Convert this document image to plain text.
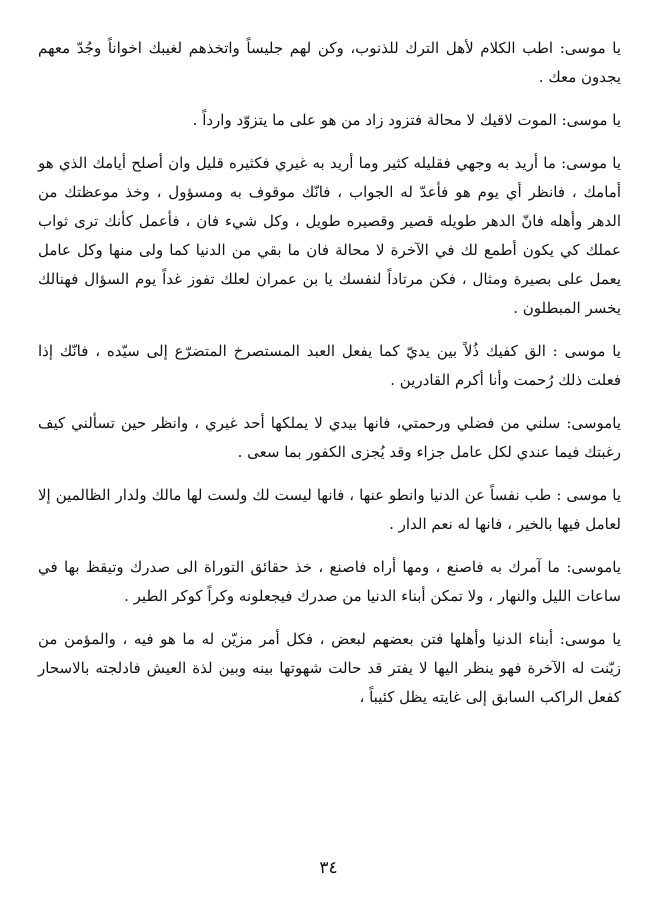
يا موسى: اطب الكلام لأهل الترك للذنوب، وكن لهم جليساً واتخذهم لغيبك اخواناً وجُدّ معهم يجدون معك .

يا موسى: الموت لاقيك لا محالة فتزود زاد من هو على ما يتزوّد وارداً .

يا موسى: ما أريد به وجهي فقليله كثير وما أريد به غيري فكثيره قليل وان أصلح أيامك الذي هو أمامك ، فانظر أي يوم هو فأعدّ له الجواب ، فانّك موقوف به ومسؤول ، وخذ موعظتك من الدهر وأهله فانّ الدهر طويله قصير وقصيره طويل ، وكل شيء فان ، فأعمل كأنك ترى ثواب عملك كي يكون أطمع لك في الآخرة لا محالة فان ما بقي من الدنيا كما ولى منها وكل عامل يعمل على بصيرة ومثال ، فكن مرتاداً لنفسك يا بن عمران لعلك تفوز غداً يوم السؤال فهنالك يخسر المبطلون .

يا موسى : الق كفيك ذُلاً بين يديّ كما يفعل العبد المستصرخ المتضرّع إلى سيّده ، فانّك إذا فعلت ذلك رُحمت وأنا أكرم القادرين .

ياموسى: سلني من فضلي ورحمتي، فانها بيدي لا يملكها أحد غيري ، وانظر حين تسألني كيف رغبتك فيما عندي لكل عامل جزاء وقد يُجزى الكفور بما سعى .

يا موسى : طب نفساً عن الدنيا وانطو عنها ، فانها ليست لك ولست لها مالك ولدار الظالمين إلا لعامل فيها بالخير ، فانها له نعم الدار .

ياموسى: ما آمرك به فاصنع ، ومها أراه فاصنع ، خذ حقائق التوراة الى صدرك وتيقظ بها في ساعات الليل والنهار ، ولا تمكن أبناء الدنيا من صدرك فيجعلونه وكراً كوكر الطير .

يا موسى: أبناء الدنيا وأهلها فتن بعضهم لبعض ، فكل أمر مزيّن له ما هو فيه ، والمؤمن من زيّنت له الآخرة فهو ينظر اليها لا يفتر قد حالت شهوتها بينه وبين لذة العيش فادلجته بالاسحار كفعل الراكب السابق إلى غايته يظل كئيباً ،

٣٤
